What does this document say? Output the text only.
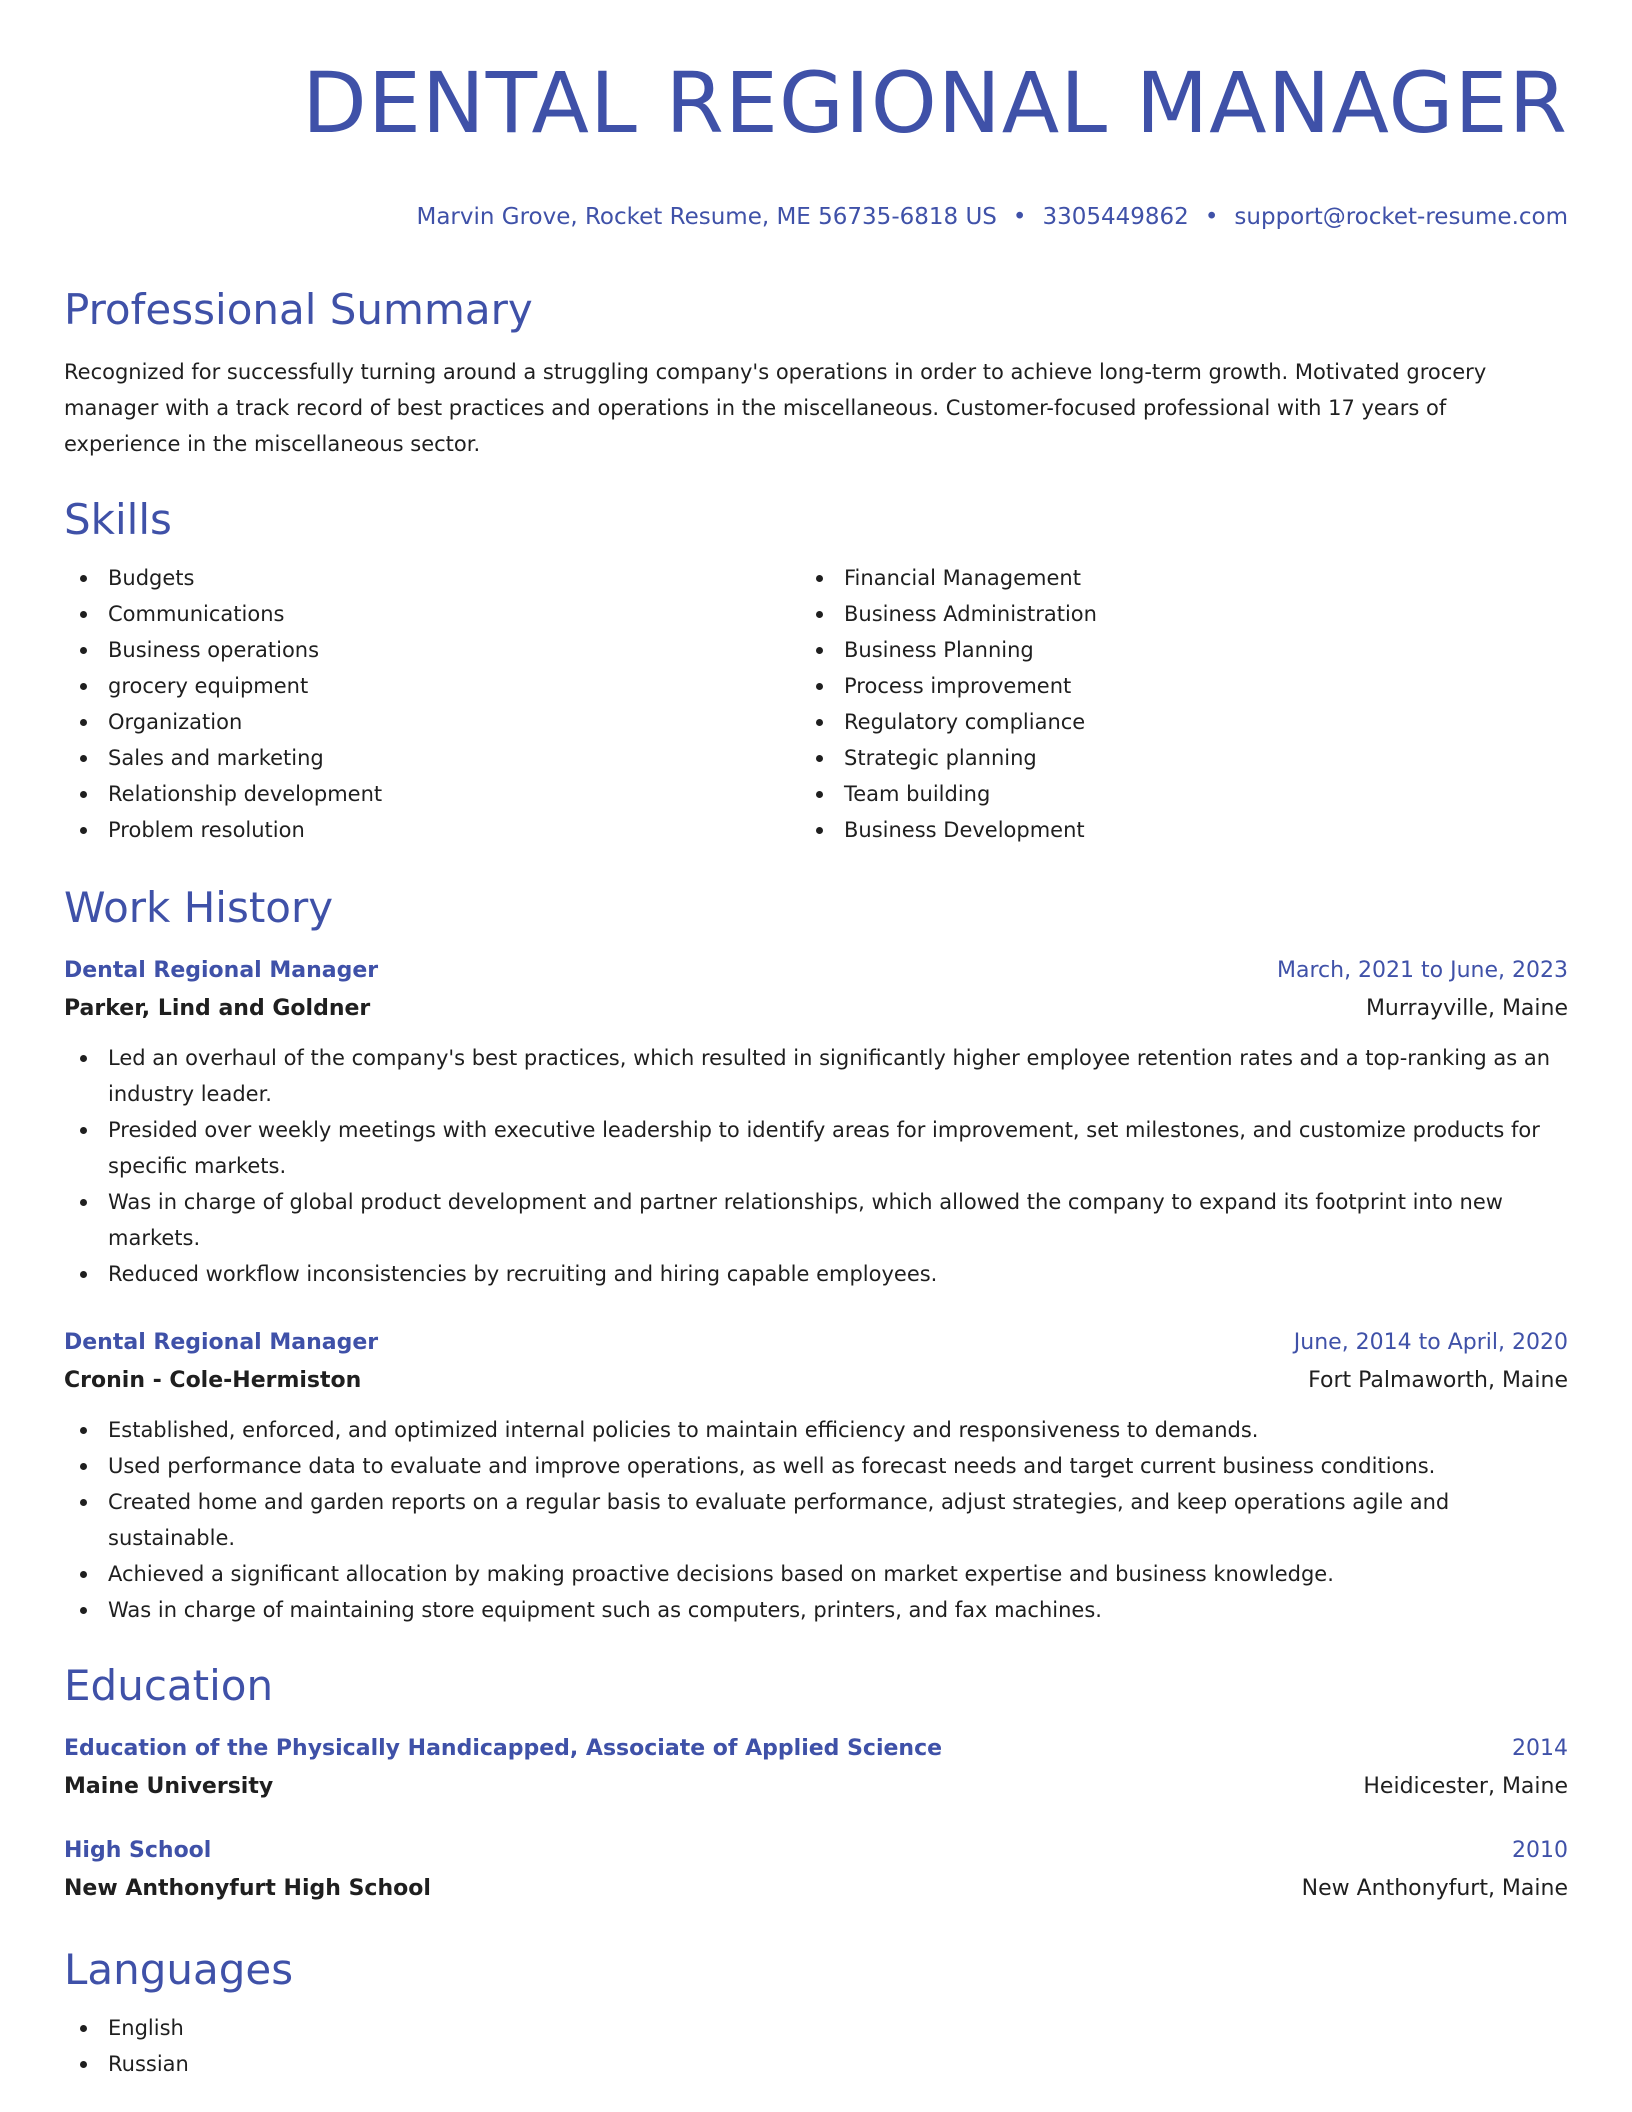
DENTAL REGIONAL MANAGER
Marvin Grove, Rocket Resume, ME 56735-6818 US • 3305449862 • support@rocket-resume.com
Professional Summary

Recognized for successfully turning around a struggling company's operations in order to achieve long-term growth. Motivated grocery manager with a track record of best practices and operations in the miscellaneous. Customer-focused professional with 17 years of experience in the miscellaneous sector.

Skills
Budgets
Communications
Business operations
grocery equipment
Organization
Sales and marketing
Relationship development
Problem resolution
Financial Management
Business Administration
Business Planning
Process improvement
Regulatory compliance
Strategic planning
Team building
Business Development
Work History
Dental Regional Manager	March, 2021 to June, 2023
Parker, Lind and Goldner	Murrayville, Maine
Led an overhaul of the company's best practices, which resulted in significantly higher employee retention rates and a top-ranking as an industry leader.
Presided over weekly meetings with executive leadership to identify areas for improvement, set milestones, and customize products for specific markets.
Was in charge of global product development and partner relationships, which allowed the company to expand its footprint into new markets.
Reduced workflow inconsistencies by recruiting and hiring capable employees.
Dental Regional Manager	June, 2014 to April, 2020
Cronin - Cole-Hermiston	Fort Palmaworth, Maine
Established, enforced, and optimized internal policies to maintain efficiency and responsiveness to demands.
Used performance data to evaluate and improve operations, as well as forecast needs and target current business conditions.
Created home and garden reports on a regular basis to evaluate performance, adjust strategies, and keep operations agile and sustainable.
Achieved a significant allocation by making proactive decisions based on market expertise and business knowledge.
Was in charge of maintaining store equipment such as computers, printers, and fax machines.
Education
Education of the Physically Handicapped, Associate of Applied Science	2014
Maine University	Heidicester, Maine
High School	2010
New Anthonyfurt High School	New Anthonyfurt, Maine
Languages
English
Russian
